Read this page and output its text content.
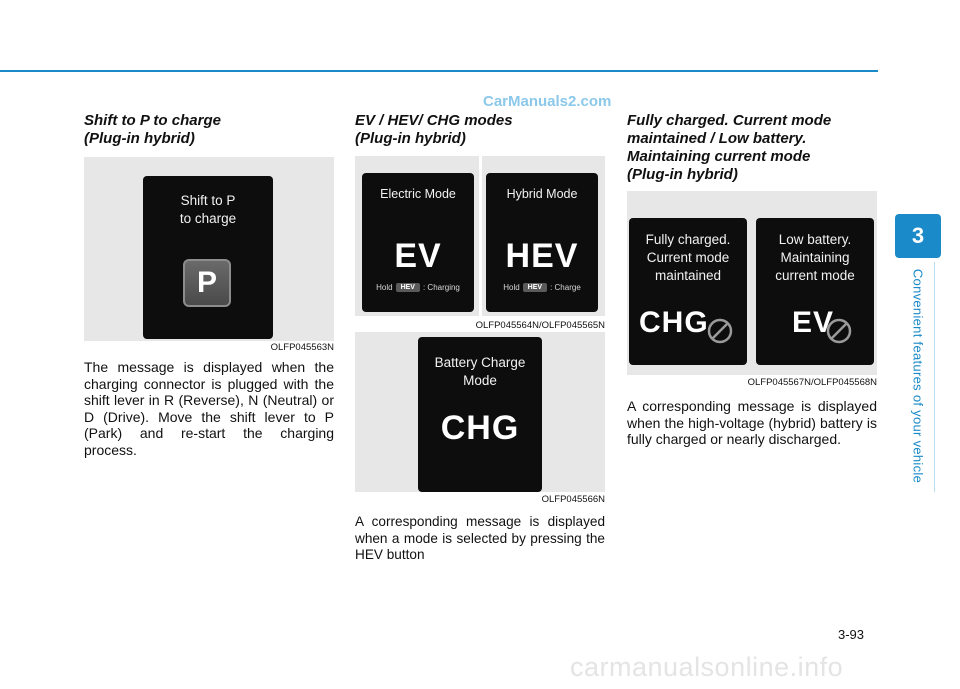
CarManuals2.com
3
Convenient features of your vehicle
Shift to P to charge
(Plug-in hybrid)
Shift to P
to charge
P
OLFP045563N
The message is displayed when the charging connector is plugged with the shift lever in R (Reverse), N (Neutral) or D (Drive). Move the shift lever to P (Park) and re-start the charging process.
EV / HEV/ CHG modes
(Plug-in hybrid)
Electric Mode
EV
Hold	HEV	: Charging
Hybrid Mode
HEV
Hold	HEV	: Charge
OLFP045564N/OLFP045565N
Battery Charge
Mode
CHG
OLFP045566N
A corresponding message is displayed when a mode is selected by pressing the HEV button
Fully charged. Current mode
maintained / Low battery.
Maintaining current mode
(Plug-in hybrid)
Fully charged.
Current mode
maintained
CHG
Low battery.
Maintaining
current mode
EV
OLFP045567N/OLFP045568N
A corresponding message is displayed when the high-voltage (hybrid) battery is fully charged or nearly discharged.
3-93
carmanualsonline.info
